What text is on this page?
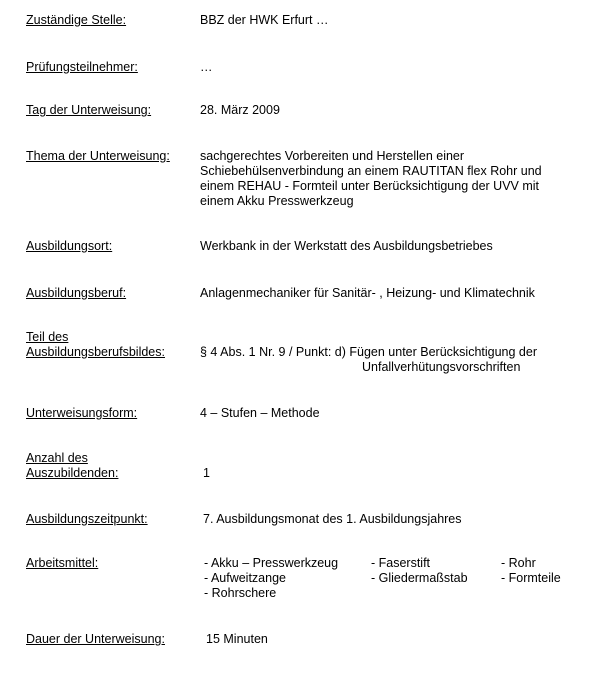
Zuständige Stelle:	BBZ der HWK Erfurt …
Prüfungsteilnehmer:	…
Tag der Unterweisung:	28. März 2009
Thema der Unterweisung:	sachgerechtes Vorbereiten und Herstellen einer
Schiebehülsenverbindung an einem RAUTITAN flex Rohr und
einem REHAU - Formteil unter Berücksichtigung der UVV mit
einem Akku Presswerkzeug
Ausbildungsort:	Werkbank in der Werkstatt des Ausbildungsbetriebes
Ausbildungsberuf:	Anlagenmechaniker für Sanitär- , Heizung- und Klimatechnik
Teil des
Ausbildungsberufsbildes:	§ 4 Abs. 1 Nr. 9 / Punkt: d) Fügen unter Berücksichtigung der
Unfallverhütungsvorschriften
Unterweisungsform:	4 – Stufen – Methode
Anzahl des
Auszubildenden:	1
Ausbildungszeitpunkt:	7. Ausbildungsmonat des 1. Ausbildungsjahres
Arbeitsmittel:	- Akku – Presswerkzeug
- Aufweitzange
- Rohrschere
- Faserstift
- Gliedermaßstab
- Rohr
- Formteile
Dauer der Unterweisung:	15 Minuten
